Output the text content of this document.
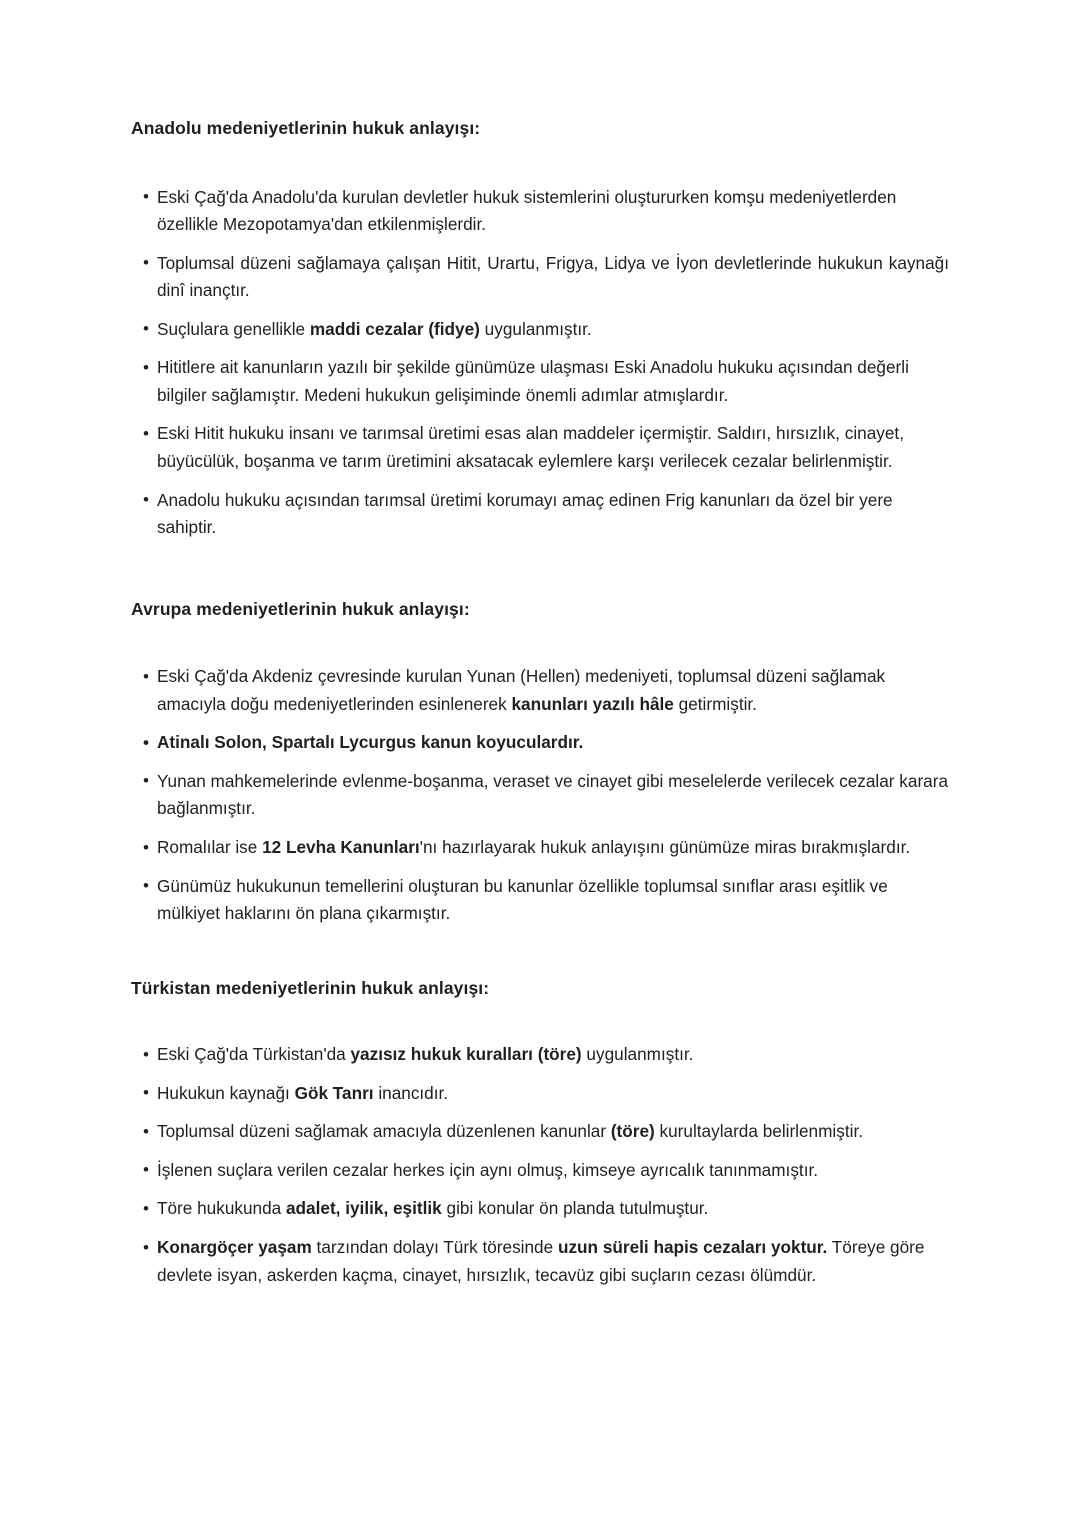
Anadolu medeniyetlerinin hukuk anlayışı:
• Eski Çağ'da Anadolu'da kurulan devletler hukuk sistemlerini oluştururken komşu medeniyetlerden özellikle Mezopotamya'dan etkilenmişlerdir.
• Toplumsal düzeni sağlamaya çalışan Hitit, Urartu, Frigya, Lidya ve İyon devletlerinde hukukun kaynağı dinî inançtır.
• Suçlulara genellikle maddi cezalar (fidye) uygulanmıştır.
• Hititlere ait kanunların yazılı bir şekilde günümüze ulaşması Eski Anadolu hukuku açısından değerli bilgiler sağlamıştır. Medeni hukukun gelişiminde önemli adımlar atmışlardır.
• Eski Hitit hukuku insanı ve tarımsal üretimi esas alan maddeler içermiştir. Saldırı, hırsızlık, cinayet, büyücülük, boşanma ve tarım üretimini aksatacak eylemlere karşı verilecek cezalar belirlenmiştir.
• Anadolu hukuku açısından tarımsal üretimi korumayı amaç edinen Frig kanunları da özel bir yere sahiptir.
Avrupa medeniyetlerinin hukuk anlayışı:
• Eski Çağ'da Akdeniz çevresinde kurulan Yunan (Hellen) medeniyeti, toplumsal düzeni sağlamak amacıyla doğu medeniyetlerinden esinlenerek kanunları yazılı hâle getirmiştir.
• Atinalı Solon, Spartalı Lycurgus kanun koyuculardır.
• Yunan mahkemelerinde evlenme-boşanma, veraset ve cinayet gibi meselelerde verilecek cezalar karara bağlanmıştır.
• Romalılar ise 12 Levha Kanunları'nı hazırlayarak hukuk anlayışını günümüze miras bırakmışlardır.
• Günümüz hukukunun temellerini oluşturan bu kanunlar özellikle toplumsal sınıflar arası eşitlik ve mülkiyet haklarını ön plana çıkarmıştır.
Türkistan medeniyetlerinin hukuk anlayışı:
• Eski Çağ'da Türkistan'da yazısız hukuk kuralları (töre) uygulanmıştır.
• Hukukun kaynağı Gök Tanrı inancıdır.
• Toplumsal düzeni sağlamak amacıyla düzenlenen kanunlar (töre) kurultaylarda belirlenmiştir.
• İşlenen suçlara verilen cezalar herkes için aynı olmuş, kimseye ayrıcalık tanınmamıştır.
• Töre hukukunda adalet, iyilik, eşitlik gibi konular ön planda tutulmuştur.
• Konargöçer yaşam tarzından dolayı Türk töresinde uzun süreli hapis cezaları yoktur. Töreye göre devlete isyan, askerden kaçma, cinayet, hırsızlık, tecavüz gibi suçların cezası ölümdür.
